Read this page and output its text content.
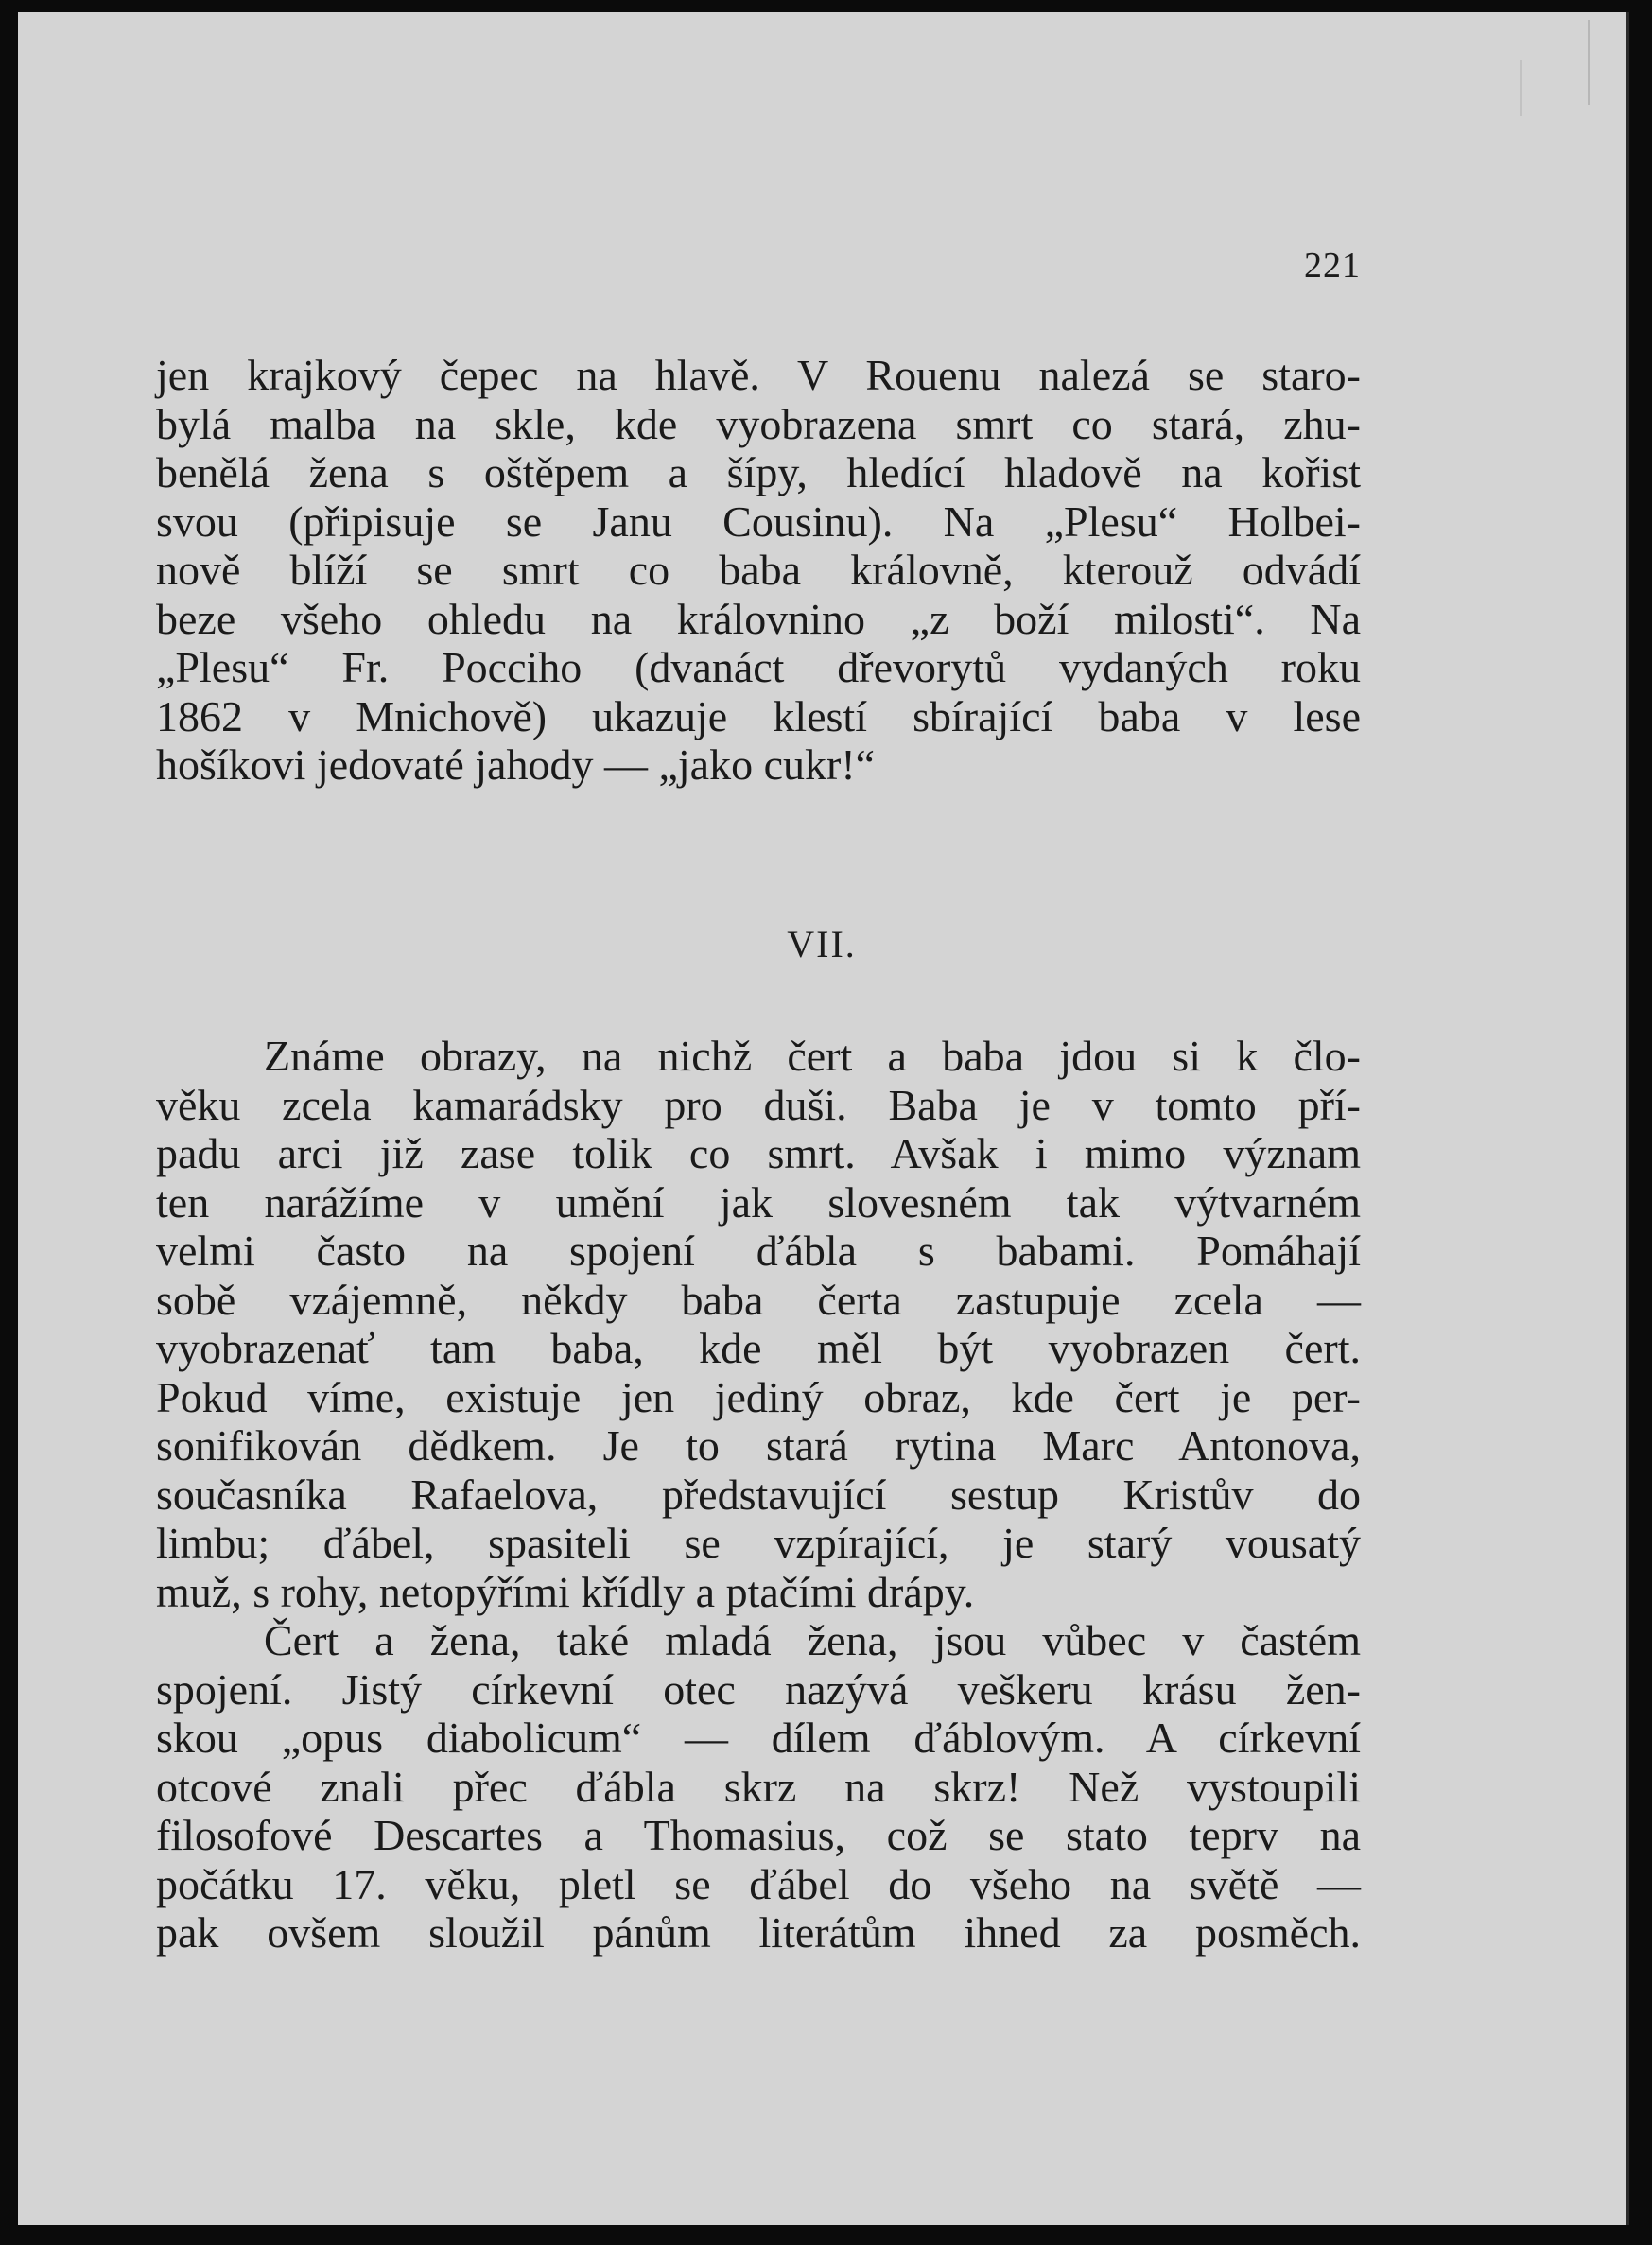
221
jen krajkový čepec na hlavě. V Rouenu nalezá se staro-
bylá malba na skle, kde vyobrazena smrt co stará, zhu-
benělá žena s oštěpem a šípy, hledící hladově na kořist
svou (připisuje se Janu Cousinu). Na „Plesu“ Holbei-
nově blíží se smrt co baba královně, kterouž odvádí
beze všeho ohledu na královnino „z boží milosti“. Na
„Plesu“ Fr. Pocciho (dvanáct dřevorytů vydaných roku
1862 v Mnichově) ukazuje klestí sbírající baba v lese
hošíkovi jedovaté jahody — „jako cukr!“
VII.
Známe obrazy, na nichž čert a baba jdou si k člo-
věku zcela kamarádsky pro duši. Baba je v tomto pří-
padu arci již zase tolik co smrt. Avšak i mimo význam
ten narážíme v umění jak slovesném tak výtvarném
velmi často na spojení ďábla s babami. Pomáhají
sobě vzájemně, někdy baba čerta zastupuje zcela —
vyobrazenať tam baba, kde měl být vyobrazen čert.
Pokud víme, existuje jen jediný obraz, kde čert je per-
sonifikován dědkem. Je to stará rytina Marc Antonova,
současníka Rafaelova, představující sestup Kristův do
limbu; ďábel, spasiteli se vzpírající, je starý vousatý
muž, s rohy, netopýřími křídly a ptačími drápy.
Čert a žena, také mladá žena, jsou vůbec v častém
spojení. Jistý církevní otec nazývá veškeru krásu žen-
skou „opus diabolicum“ — dílem ďáblovým. A církevní
otcové znali přec ďábla skrz na skrz! Než vystoupili
filosofové Descartes a Thomasius, což se stato teprv na
počátku 17. věku, pletl se ďábel do všeho na světě —
pak ovšem sloužil pánům literátům ihned za posměch.
